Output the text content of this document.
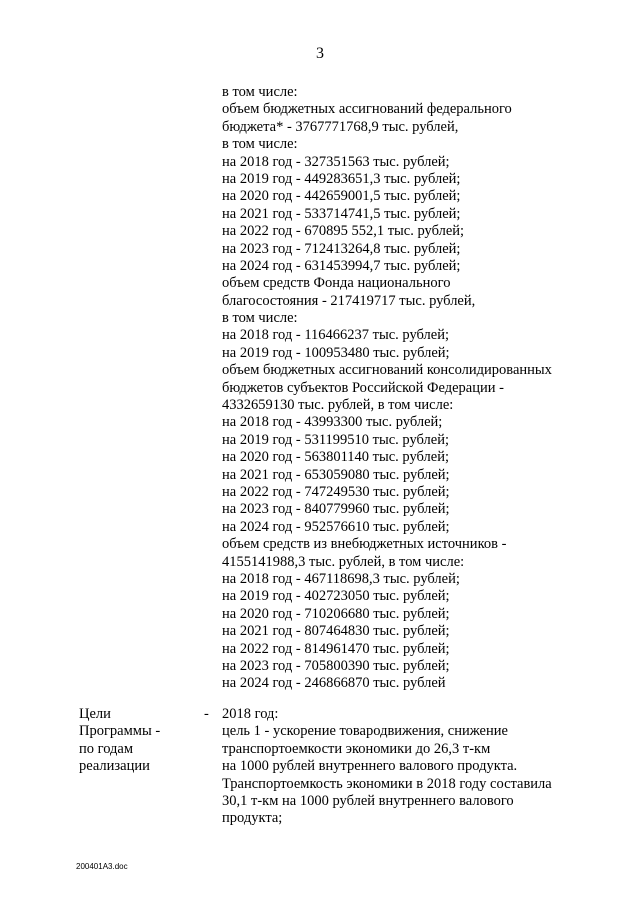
3
в том числе:
объем бюджетных ассигнований федерального
бюджета* - 3767771768,9 тыс. рублей,
в том числе:
на 2018 год - 327351563 тыс. рублей;
на 2019 год - 449283651,3 тыс. рублей;
на 2020 год - 442659001,5 тыс. рублей;
на 2021 год - 533714741,5 тыс. рублей;
на 2022 год - 670895 552,1 тыс. рублей;
на 2023 год - 712413264,8 тыс. рублей;
на 2024 год - 631453994,7 тыс. рублей;
объем средств Фонда национального
благосостояния - 217419717 тыс. рублей,
в том числе:
на 2018 год - 116466237 тыс. рублей;
на 2019 год - 100953480 тыс. рублей;
объем бюджетных ассигнований консолидированных
бюджетов субъектов Российской Федерации -
4332659130 тыс. рублей, в том числе:
на 2018 год - 43993300 тыс. рублей;
на 2019 год - 531199510 тыс. рублей;
на 2020 год - 563801140 тыс. рублей;
на 2021 год - 653059080 тыс. рублей;
на 2022 год - 747249530 тыс. рублей;
на 2023 год - 840779960 тыс. рублей;
на 2024 год - 952576610 тыс. рублей;
объем средств из внебюджетных источников -
4155141988,3 тыс. рублей, в том числе:
на 2018 год - 467118698,3 тыс. рублей;
на 2019 год - 402723050 тыс. рублей;
на 2020 год - 710206680 тыс. рублей;
на 2021 год - 807464830 тыс. рублей;
на 2022 год - 814961470 тыс. рублей;
на 2023 год - 705800390 тыс. рублей;
на 2024 год - 246866870 тыс. рублей
Цели
Программы -
по годам
реализации
- 2018 год:
цель 1 - ускорение товародвижения, снижение
транспортоемкости экономики до 26,3 т-км
на 1000 рублей внутреннего валового продукта.
Транспортоемкость экономики в 2018 году составила
30,1 т-км на 1000 рублей внутреннего валового
продукта;
200401А3.doc
